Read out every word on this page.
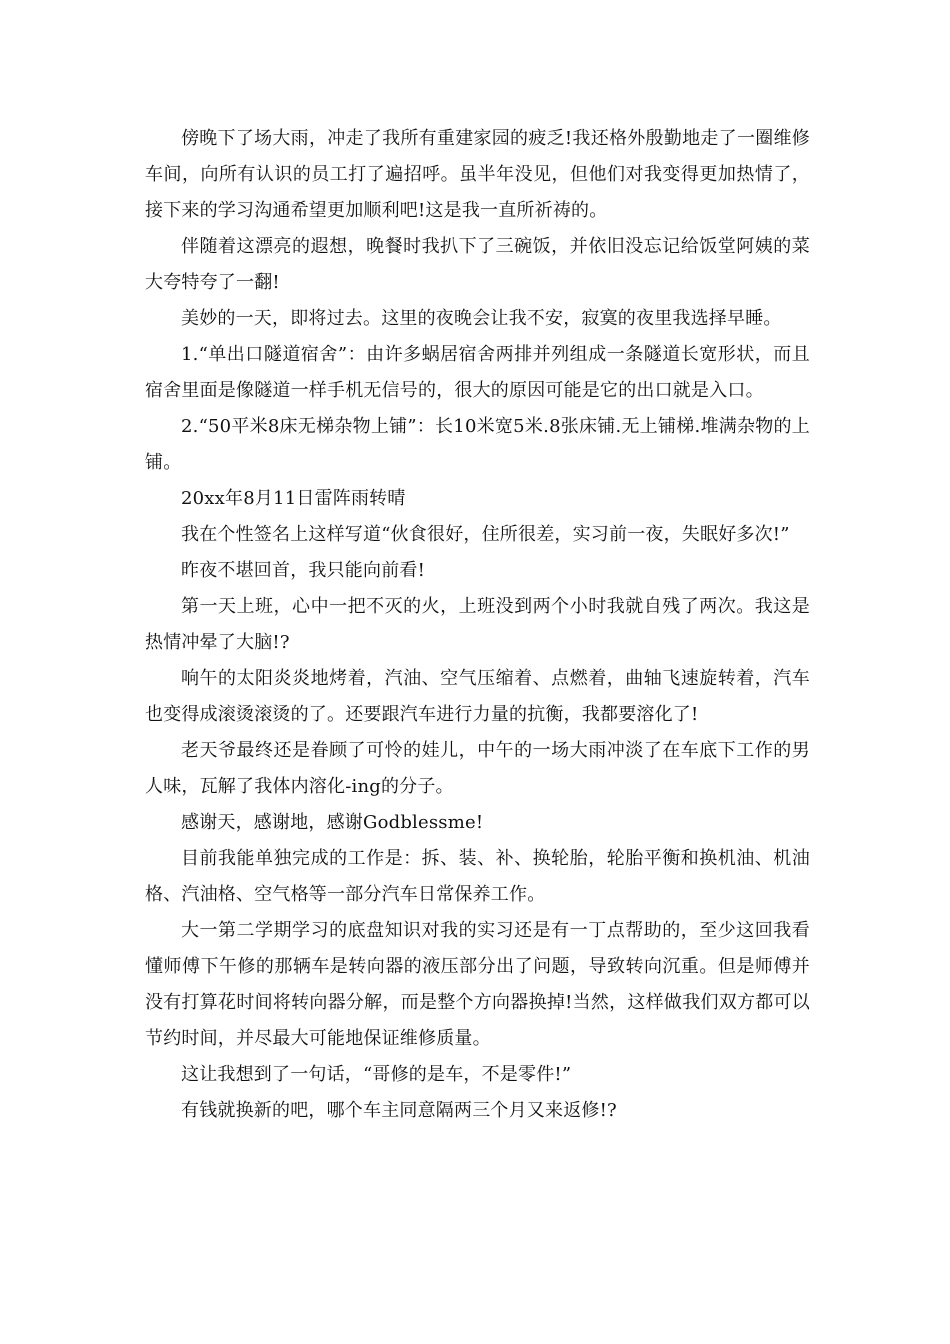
傍晚下了场大雨，冲走了我所有重建家园的疲乏!我还格外殷勤地走了一圈维修车间，向所有认识的员工打了遍招呼。虽半年没见，但他们对我变得更加热情了，接下来的学习沟通希望更加顺利吧!这是我一直所祈祷的。

伴随着这漂亮的遐想，晚餐时我扒下了三碗饭，并依旧没忘记给饭堂阿姨的菜大夸特夸了一翻!

美妙的一天，即将过去。这里的夜晚会让我不安，寂寞的夜里我选择早睡。

1.“单出口隧道宿舍”：由许多蜗居宿舍两排并列组成一条隧道长宽形状，而且宿舍里面是像隧道一样手机无信号的，很大的原因可能是它的出口就是入口。

2.“50平米8床无梯杂物上铺”：长10米宽5米.8张床铺.无上铺梯.堆满杂物的上铺。

20xx年8月11日雷阵雨转晴

我在个性签名上这样写道“伙食很好，住所很差，实习前一夜，失眠好多次!”

昨夜不堪回首，我只能向前看!

第一天上班，心中一把不灭的火，上班没到两个小时我就自残了两次。我这是热情冲晕了大脑!?

响午的太阳炎炎地烤着，汽油、空气压缩着、点燃着，曲轴飞速旋转着，汽车也变得成滚烫滚烫的了。还要跟汽车进行力量的抗衡，我都要溶化了!

老天爷最终还是眷顾了可怜的娃儿，中午的一场大雨冲淡了在车底下工作的男人味，瓦解了我体内溶化-ing的分子。

感谢天，感谢地，感谢Godblessme!

目前我能单独完成的工作是：拆、装、补、换轮胎，轮胎平衡和换机油、机油格、汽油格、空气格等一部分汽车日常保养工作。

大一第二学期学习的底盘知识对我的实习还是有一丁点帮助的，至少这回我看懂师傅下午修的那辆车是转向器的液压部分出了问题，导致转向沉重。但是师傅并没有打算花时间将转向器分解，而是整个方向器换掉!当然，这样做我们双方都可以节约时间，并尽最大可能地保证维修质量。

这让我想到了一句话，“哥修的是车，不是零件!”

有钱就换新的吧，哪个车主同意隔两三个月又来返修!?
